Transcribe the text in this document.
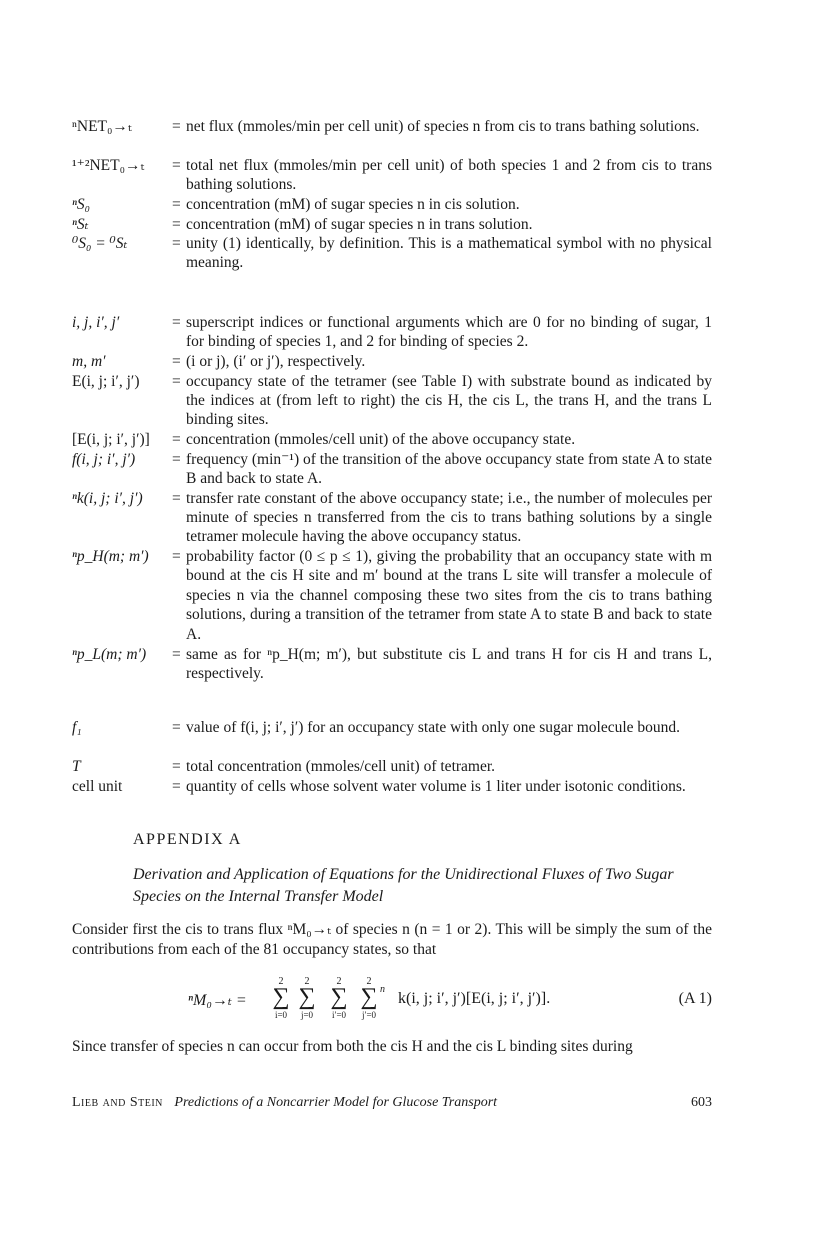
ⁿNET₀→ₜ	= net flux (mmoles/min per cell unit) of species n from cis to trans bathing solutions.
¹⁺²NET₀→ₜ = total net flux (mmoles/min per cell unit) of both species 1 and 2 from cis to trans bathing solutions.
ⁿS₀	= concentration (mM) of sugar species n in cis solution.
ⁿSₜ	= concentration (mM) of sugar species n in trans solution.
⁰S₀ = ⁰Sₜ	= unity (1) identically, by definition. This is a mathematical symbol with no physical meaning.
i, j, i′, j′	= superscript indices or functional arguments which are 0 for no binding of sugar, 1 for binding of species 1, and 2 for binding of species 2.
m, m′	= (i or j), (i′ or j′), respectively.
E(i, j; i′, j′) = occupancy state of the tetramer (see Table I) with substrate bound as indicated by the indices at (from left to right) the cis H, the cis L, the trans H, and the trans L binding sites.
[E(i, j; i′, j′)] = concentration (mmoles/cell unit) of the above occupancy state.
f(i, j; i′, j′) = frequency (min⁻¹) of the transition of the above occupancy state from state A to state B and back to state A.
ⁿk(i, j; i′, j′) = transfer rate constant of the above occupancy state; i.e., the number of molecules per minute of species n transferred from the cis to trans bathing solutions by a single tetramer molecule having the above occupancy status.
ⁿp_H(m; m′) = probability factor (0 ≤ p ≤ 1), giving the probability that an occupancy state with m bound at the cis H site and m′ bound at the trans L site will transfer a molecule of species n via the channel composing these two sites from the cis to trans bathing solutions, during a transition of the tetramer from state A to state B and back to state A.
ⁿp_L(m; m′) = same as for ⁿp_H(m; m′), but substitute cis L and trans H for cis H and trans L, respectively.
f₁	= value of f(i, j; i′, j′) for an occupancy state with only one sugar molecule bound.
T	= total concentration (mmoles/cell unit) of tetramer.
cell unit	= quantity of cells whose solvent water volume is 1 liter under isotonic conditions.
APPENDIX A
Derivation and Application of Equations for the Unidirectional Fluxes of Two Sugar Species on the Internal Transfer Model
Consider first the cis to trans flux ⁿM₀→ₜ of species n (n = 1 or 2). This will be simply the sum of the contributions from each of the 81 occupancy states, so that
ⁿM₀→ₜ =
2
∑
i=0
2
∑
j=0
2
∑
i′=0
2
∑
j′=0
n
k(i, j; i′, j′)[E(i, j; i′, j′)].	(A 1)
Since transfer of species n can occur from both the cis H and the cis L binding sites during
Lieb and Stein Predictions of a Noncarrier Model for Glucose Transport	603
